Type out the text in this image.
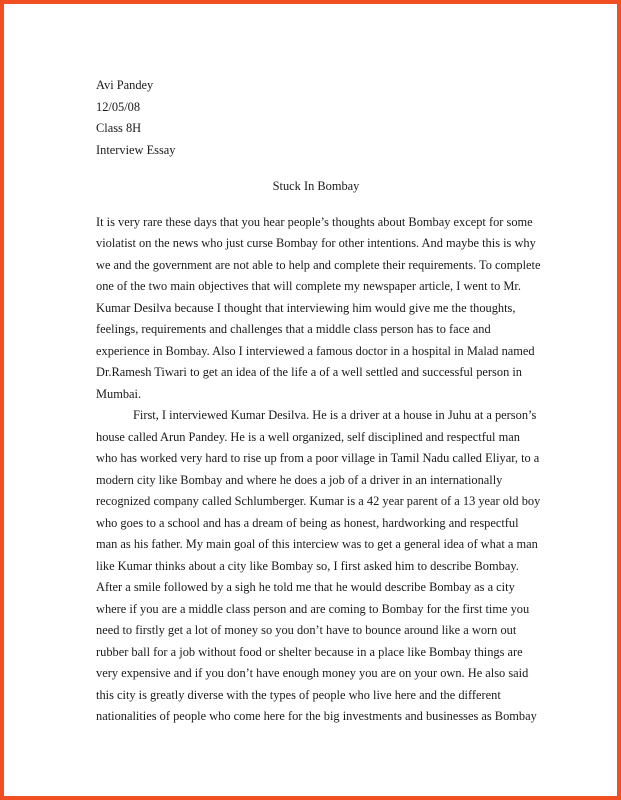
Avi Pandey
12/05/08
Class 8H
Interview Essay
Stuck In Bombay
It is very rare these days that you hear people’s thoughts about Bombay except for some
violatist on the news who just curse Bombay for other intentions. And maybe this is why
we and the government are not able to help and complete their requirements. To complete
one of the two main objectives that will complete my newspaper article, I went to Mr.
Kumar Desilva because I thought that interviewing him would give me the thoughts,
feelings, requirements and challenges that a middle class person has to face and
experience in Bombay. Also I interviewed a famous doctor in a hospital in Malad named
Dr.Ramesh Tiwari to get an idea of the life a of a well settled and successful person in
Mumbai.
First, I interviewed Kumar Desilva. He is a driver at a house in Juhu at a person’s
house called Arun Pandey. He is a well organized, self disciplined and respectful man
who has worked very hard to rise up from a poor village in Tamil Nadu called Eliyar, to a
modern city like Bombay and where he does a job of a driver in an internationally
recognized company called Schlumberger. Kumar is a 42 year parent of a 13 year old boy
who goes to a school and has a dream of being as honest, hardworking and respectful
man as his father. My main goal of this interciew was to get a general idea of what a man
like Kumar thinks about a city like Bombay so, I first asked him to describe Bombay.
After a smile followed by a sigh he told me that he would describe Bombay as a city
where if you are a middle class person and are coming to Bombay for the first time you
need to firstly get a lot of money so you don’t have to bounce around like a worn out
rubber ball for a job without food or shelter because in a place like Bombay things are
very expensive and if you don’t have enough money you are on your own. He also said
this city is greatly diverse with the types of people who live here and the different
nationalities of people who come here for the big investments and businesses as Bombay
